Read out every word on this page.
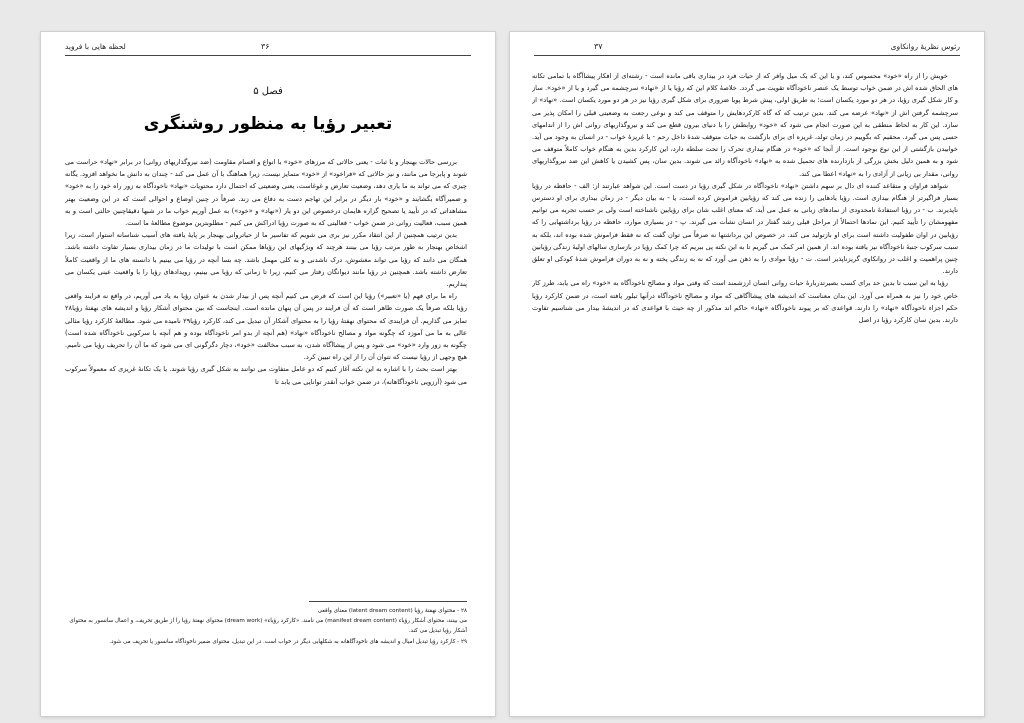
لحظه هایی با فروید	۳۶
فصل ۵
تعبیر رؤیا به منظور روشنگری

بررسی حالات بهنجار و با ثبات - یعنی حالاتی که مرزهای «خود» با انواع و اقسام مقاومت (ضد نیروگذاریهای روانی) در برابر «نهاد» حراست می شوند و پابرجا می مانند، و نیز حالاتی که «فراخود» از «خود» متمایز نیست، زیرا هماهنگ با آن عمل می کند - چندان به دانش ما نخواهد افزود. یگانه چیزی که می تواند به ما یاری دهد، وضعیت تعارض و غوغاست، یعنی وضعیتی که احتمال دارد محتویات «نهاد» ناخودآگاه به زور راه خود را به «خود» و ضمیرآگاه بگشایند و «خود» بار دیگر در برابر این تهاجم دست به دفاع می زند. صرفاً در چنین اوضاع و احوالی است که در این وضعیت بهتر مشاهداتی که در تأیید یا تصحیح گزاره هایمان درخصوص این دو یار («نهاد» و «خود») به عمل آوریم خواب ما در شبها دقیقاچنین حالتی است و به همین سبب، فعالیت روانی در ضمن خواب - فعالیتی که به صورت رؤیا ادراکش می کنیم - مطلوبترین موضوع مطالعهٔ ما است.

بدین ترتیب همچنین از این انتقاد مکرر نیز بری می شویم که تفاسیر ما از حیاتروانی بهنجار بر پایهٔ یافته های آسیب شناسانه استوار است، زیرا اشخاص بهنجار به طور مرتب رؤیا می بینند هرچند که ویژگیهای این رؤیاها ممکن است با تولیدات ما در زمان بیداری بسیار تفاوت داشته باشد. همگان می دانند که رؤیا می تواند مغشوش، درک ناشدنی و به کلی مهمل باشد. چه بسا آنچه در رؤیا می بینیم با دانسته های ما از واقعیت کاملاً تعارض داشته باشد. همچنین در رؤیا مانند دیوانگان رفتار می کنیم، زیرا تا زمانی که رؤیا می بینیم، رویدادهای رؤیا را با واقعیت عینی یکسان می پنداریم.

راه ما برای فهم (یا «تعبیر») رؤیا این است که فرض می کنیم آنچه پس از بیدار شدن به عنوان رؤیا به یاد می آوریم، در واقع نه فرایند واقعی رؤیا بلکه صرفاً یک صورت ظاهر است که آن فرایند در پس آن پنهان مانده است. اینجاست که بین محتوای آشکار رؤیا و اندیشه های نهفتهٔ رؤیا۲۸ تمایز می گذاریم. آن فرایندی که محتوای نهفتهٔ رؤیا را به محتوای آشکار آن تبدیل می کند، کارکرد رؤیا۲۹ نامیده می شود. مطالعهٔ کارکرد رؤیا مثالی عالی به ما می آموزد که چگونه مواد و مصالح ناخودآگاه «نهاد» (هم آنچه از بدو امر ناخودآگاه بوده و هم آنچه با سرکوبی ناخودآگاه شده است) چگونه به زور وارد «خود» می شود و پس از پیشاآگاه شدن، به سبب مخالفت «خود»، دچار دگرگونی ای می شود که ما آن را تحریف رؤیا می نامیم. هیچ وجهی از رؤیا نیست که نتوان آن را از این راه تبیین کرد.

بهتر است بحث را با اشاره به این نکته آغاز کنیم که دو عامل متفاوت می توانند به شکل گیری رؤیا شوند. یا یک تکانهٔ غریزی که معمولاً سرکوب می شود (آرزویی ناخودآگاهانه)، در ضمن خواب آنقدر توانایی می یابد تا

۲۸ - محتوای نهفتهٔ رؤیا (latent dream content) معنای واقعی
می بینند، محتوای آشکار رؤیاء (manifest dream content) می نامند. «کارکرد رؤیاء» (dream work) محتوای نهفتهٔ رؤیا را از طریق تحریف، و اعمال سانسور به محتوای آشکار رؤیا تبدیل می کند.
۲۹ - کارکرد رؤیا تبدیل امیال و اندیشه های ناخودآگاهانه به شکلهایی دیگر در خواب است. در این تبدیل، محتوای ضمیر ناخودآگاه سانسور یا تحریف می شود.
۳۷	رئوس نظریهٔ روانکاوی

خویش را از راه «خود» محسوس کند، و یا این که یک میل وافر که از حیات فرد در بیداری باقی مانده است - رشته‌ای از افکار پیشاآگاه با تمامی تکانه های الحاق شده اش در ضمن خواب توسط یک عنصر ناخودآگاه تقویت می گردد. خلاصهٔ کلام این که رؤیا یا از «نهاد» سرچشمه می گیرد و یا از «خود». ساز و کار شکل گیری رؤیا، در هر دو مورد یکسان است؛ به طریق اولی، پیش شرط پویا ضروری برای شکل گیری رؤیا نیز در هر دو مورد یکسان است. «نهاد» از سرچشمه گرفتن اش از «نهاد» عرضه می کند. بدین ترتیب که که گاه کارکردهایش را متوقف می کند و نوعی رجعت به وضعیتی قبلی را امکان پذیر می سازد. این کار به لحاظ منطقی به این صورت انجام می شود که «خود» روابطش را با دنیای بیرون قطع می کند و نیروگذاریهای روانی اش را از اندامهای حسی پس می گیرد. محقیم که بگوییم در زمان تولد، غریزه ای برای بازگشت به حیات متوقف شدهٔ داخل رحم - یا غریزهٔ خواب - در انسان به وجود می آید. خوابیدن بازگشتی از این نوع بوجود است. از آنجا که «خود» در هنگام بیداری تحرک را تحت سلطه دارد، این کارکرد بدین به هنگام خواب کاملاً متوقف می شود و به همین دلیل بخش بزرگی از بازدارنده های تحمیل شده به «نهاد» ناخودآگاه زائد می شوند. بدین سان، پس کشیدن یا کاهش این ضد نیروگذاریهای روانی، مقدار بی زیانی از آزادی را به «نهاد» اعطا می کند.

شواهد فراوان و متقاعد کننده ای دال بر سهم داشتن «نهاد» ناخودآگاه در شکل گیری رؤیا در دست است. این شواهد عبارتند از: الف - حافظه در رؤیا بسیار فراگیرتر از هنگام بیداری است. رؤیا یادهایی را زنده می کند که رؤیابین فراموش کرده است، یا - به بیان دیگر - در زمان بیداری برای او دسترس ناپذیرند. ب - در رؤیا استفادهٔ نامحدودی از نمادهای زبانی به عمل می آید، که معنای اغلب شان برای رؤیابین ناشناخته است ولی بر حسب تجربه می توانیم مفهومشان را تأیید کنیم. این نمادها احتمالاً از مراحل قبلی رشد گفتار در انسان نشأت می گیرند. پ - در بسیاری موارد، حافظه در رؤیا برداشتهایی را که رؤیابین در اوان طفولیت داشته است برای او بازتولید می کند. در خصوص این برداشتها نه صرفاً می توان گفت که نه فقط فراموش شده بوده اند، بلکه به سبب سرکوب جنبهٔ ناخودآگاه نیز یافته بوده اند. از همین امر کمک می گیریم تا به این نکته پی ببریم که چرا کمک رؤیا در بازسازی سالهای اولیهٔ زندگی رؤیابین چنین پراهمیت و اغلب در روانکاوی گریزناپذیر است. ت - رؤیا موادی را به ذهن می آورد که نه به زندگی پخته و نه به دوران فراموش شدهٔ کودکی او تعلق دارند.

رؤیا به این سبب تا بدین حد برای کسب بصیرتدربارهٔ حیات روانی انسان ارزشمند است که وقتی مواد و مصالح ناخودآگاه به «خود» راه می یابد، طرز کار خاص خود را نیز به همراه می آورد. این بدان معناست که اندیشه های پیشاآگاهی که مواد و مصالح ناخودآگاه درآنها تبلور یافته است، در ضمن کارکرد رؤیا حکم اجزاء ناخودآگاه «نهاد» را دارند. قواعدی که بر پیوند ناخودآگاه «نهاد» حاکم اند مذکور از چه حیث با قواعدی که در اندیشهٔ بیدار می شناسیم تفاوت دارند. بدین سان کارکرد رؤیا در اصل
